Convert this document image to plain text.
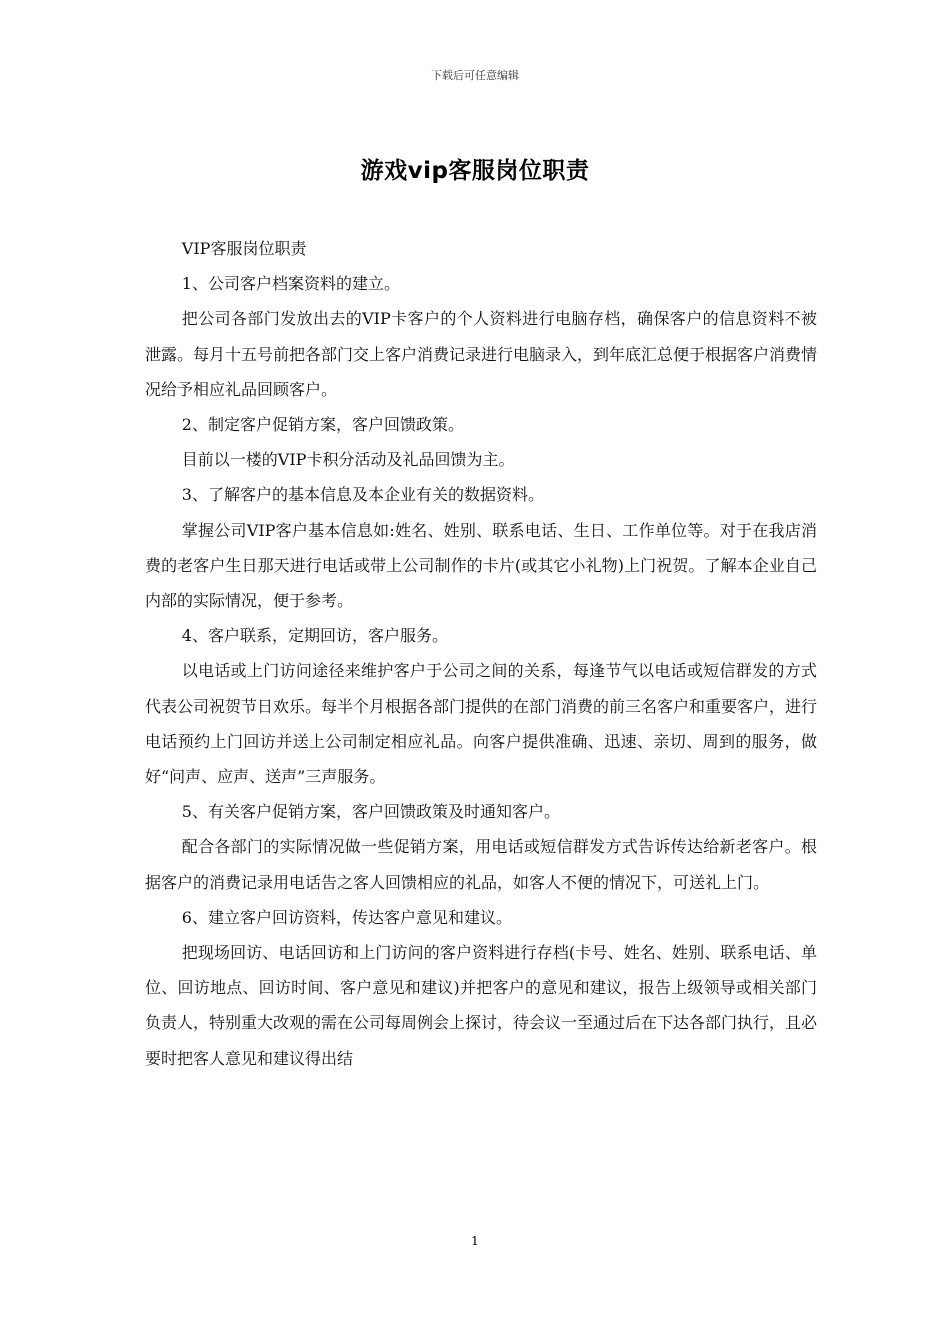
下载后可任意编辑
游戏vip客服岗位职责

VIP客服岗位职责

1、公司客户档案资料的建立。

把公司各部门发放出去的VIP卡客户的个人资料进行电脑存档，确保客户的信息资料不被泄露。每月十五号前把各部门交上客户消费记录进行电脑录入，到年底汇总便于根据客户消费情况给予相应礼品回顾客户。

2、制定客户促销方案，客户回馈政策。

目前以一楼的VIP卡积分活动及礼品回馈为主。

3、了解客户的基本信息及本企业有关的数据资料。

掌握公司VIP客户基本信息如:姓名、姓别、联系电话、生日、工作单位等。对于在我店消费的老客户生日那天进行电话或带上公司制作的卡片(或其它小礼物)上门祝贺。了解本企业自己内部的实际情况，便于参考。

4、客户联系，定期回访，客户服务。

以电话或上门访问途径来维护客户于公司之间的关系，每逢节气以电话或短信群发的方式代表公司祝贺节日欢乐。每半个月根据各部门提供的在部门消费的前三名客户和重要客户，进行电话预约上门回访并送上公司制定相应礼品。向客户提供准确、迅速、亲切、周到的服务，做好“问声、应声、送声”三声服务。

5、有关客户促销方案，客户回馈政策及时通知客户。

配合各部门的实际情况做一些促销方案，用电话或短信群发方式告诉传达给新老客户。根据客户的消费记录用电话告之客人回馈相应的礼品，如客人不便的情况下，可送礼上门。

6、建立客户回访资料，传达客户意见和建议。

把现场回访、电话回访和上门访问的客户资料进行存档(卡号、姓名、姓别、联系电话、单位、回访地点、回访时间、客户意见和建议)并把客户的意见和建议，报告上级领导或相关部门负责人，特别重大改观的需在公司每周例会上探讨，待会议一至通过后在下达各部门执行，且必要时把客人意见和建议得出结

1
